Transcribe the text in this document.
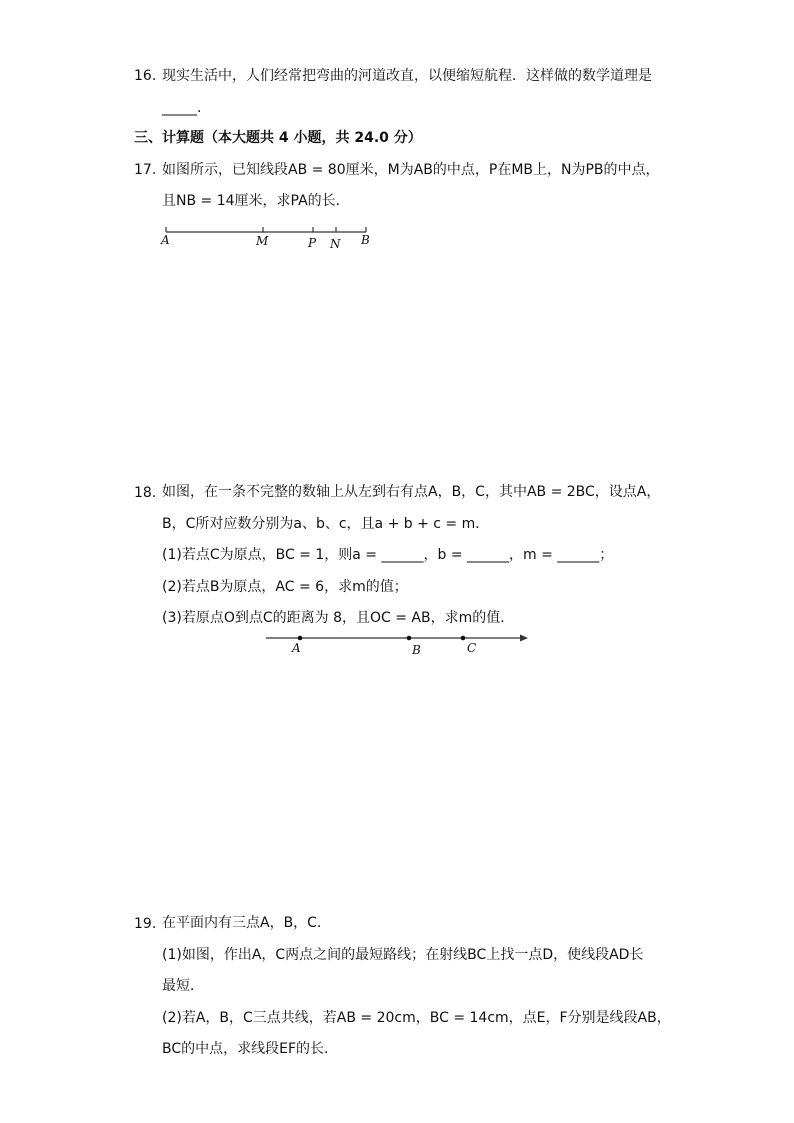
16. 现实生活中，人们经常把弯曲的河道改直，以便缩短航程．这样做的数学道理是
_____.
三、计算题（本大题共 4 小题，共 24.0 分）
17. 如图所示，已知线段AB = 80厘米，M为AB的中点，P在MB上，N为PB的中点，
且NB = 14厘米，求PA的长．
A	M	P N B
18. 如图，在一条不完整的数轴上从左到右有点A，B，C，其中AB = 2BC，设点A，
B，C所对应数分别为a、b、c，且a + b + c = m．
(1)若点C为原点，BC = 1，则a = ______，b = ______，m = ______；
(2)若点B为原点，AC = 6，求m的值；
(3)若原点O到点C的距离为 8，且OC = AB，求m的值．
A	B	C
19. 在平面内有三点A，B，C．
(1)如图，作出A，C两点之间的最短路线；在射线BC上找一点D，使线段AD长
最短．
(2)若A，B，C三点共线，若AB = 20cm，BC = 14cm，点E，F分别是线段AB，
BC的中点，求线段EF的长．
